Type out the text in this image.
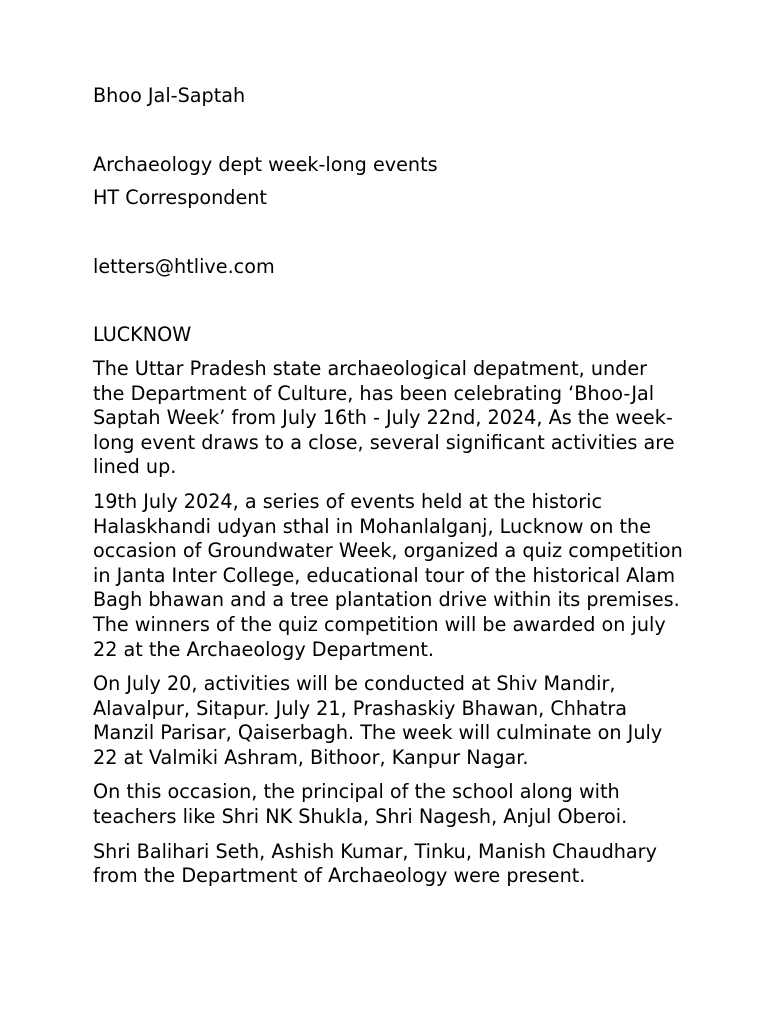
Bhoo Jal-Saptah

Archaeology dept week-long events

HT Correspondent

letters@htlive.com

LUCKNOW

The Uttar Pradesh state archaeological depatment, under the Department of Culture, has been celebrating ‘Bhoo-Jal Saptah Week’ from July 16th - July 22nd, 2024, As the week-long event draws to a close, several significant activities are lined up.

19th July 2024, a series of events held at the historic Halaskhandi udyan sthal in Mohanlalganj, Lucknow on the occasion of Groundwater Week, organized a quiz competition in Janta Inter College, educational tour of the historical Alam Bagh bhawan and a tree plantation drive within its premises. The winners of the quiz competition will be awarded on july 22 at the Archaeology Department.

On July 20, activities will be conducted at Shiv Mandir, Alavalpur, Sitapur. July 21, Prashaskiy Bhawan, Chhatra Manzil Parisar, Qaiserbagh. The week will culminate on July 22 at Valmiki Ashram, Bithoor, Kanpur Nagar.

On this occasion, the principal of the school along with teachers like Shri NK Shukla, Shri Nagesh, Anjul Oberoi.

Shri Balihari Seth, Ashish Kumar, Tinku, Manish Chaudhary from the Department of Archaeology were present.
